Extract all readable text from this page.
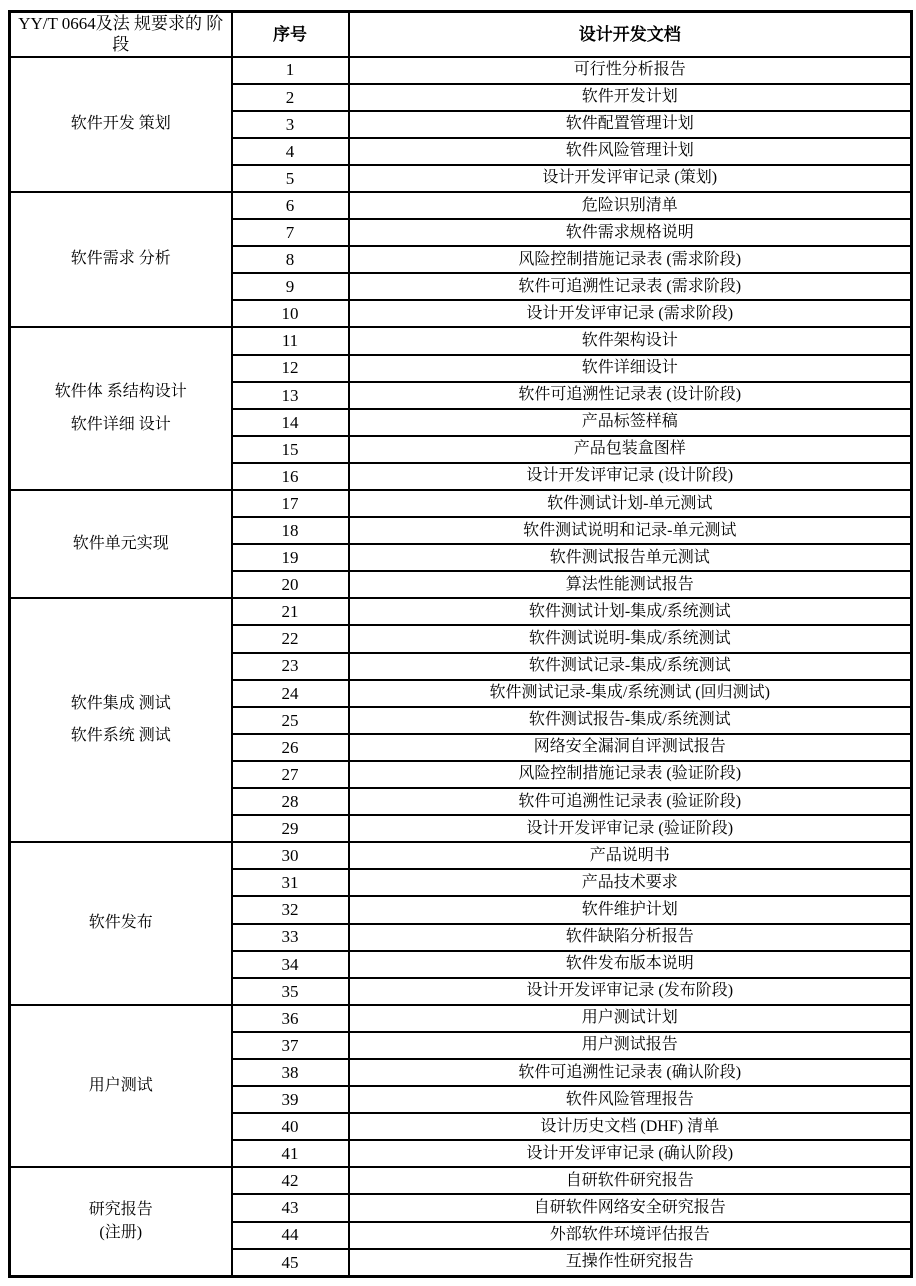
YY/T 0664及法 规要求的 阶段	序号	设计开发文档

软件开发 策划	1	可行性分析报告
	2	软件开发计划
	3	软件配置管理计划
	4	软件风险管理计划
	5	设计开发评审记录 (策划)

软件需求 分析	6	危险识别清单
	7	软件需求规格说明
	8	风险控制措施记录表 (需求阶段)
	9	软件可追溯性记录表 (需求阶段)
	10	设计开发评审记录 (需求阶段)

软件体 系结构设计
软件详细 设计	11	软件架构设计
	12	软件详细设计
	13	软件可追溯性记录表 (设计阶段)
	14	产品标签样稿
	15	产品包装盒图样
	16	设计开发评审记录 (设计阶段)

软件单元实现	17	软件测试计划-单元测试
	18	软件测试说明和记录-单元测试
	19	软件测试报告单元测试
	20	算法性能测试报告

软件集成 测试
软件系统 测试	21	软件测试计划-集成/系统测试
	22	软件测试说明-集成/系统测试
	23	软件测试记录-集成/系统测试
	24	软件测试记录-集成/系统测试 (回归测试)
	25	软件测试报告-集成/系统测试
	26	网络安全漏洞自评测试报告
	27	风险控制措施记录表 (验证阶段)
	28	软件可追溯性记录表 (验证阶段)
	29	设计开发评审记录 (验证阶段)

软件发布	30	产品说明书
	31	产品技术要求
	32	软件维护计划
	33	软件缺陷分析报告
	34	软件发布版本说明
	35	设计开发评审记录 (发布阶段)

用户测试	36	用户测试计划
	37	用户测试报告
	38	软件可追溯性记录表 (确认阶段)
	39	软件风险管理报告
	40	设计历史文档 (DHF) 清单
	41	设计开发评审记录 (确认阶段)

研究报告
(注册)	42	自研软件研究报告
	43	自研软件网络安全研究报告
	44	外部软件环境评估报告
	45	互操作性研究报告
